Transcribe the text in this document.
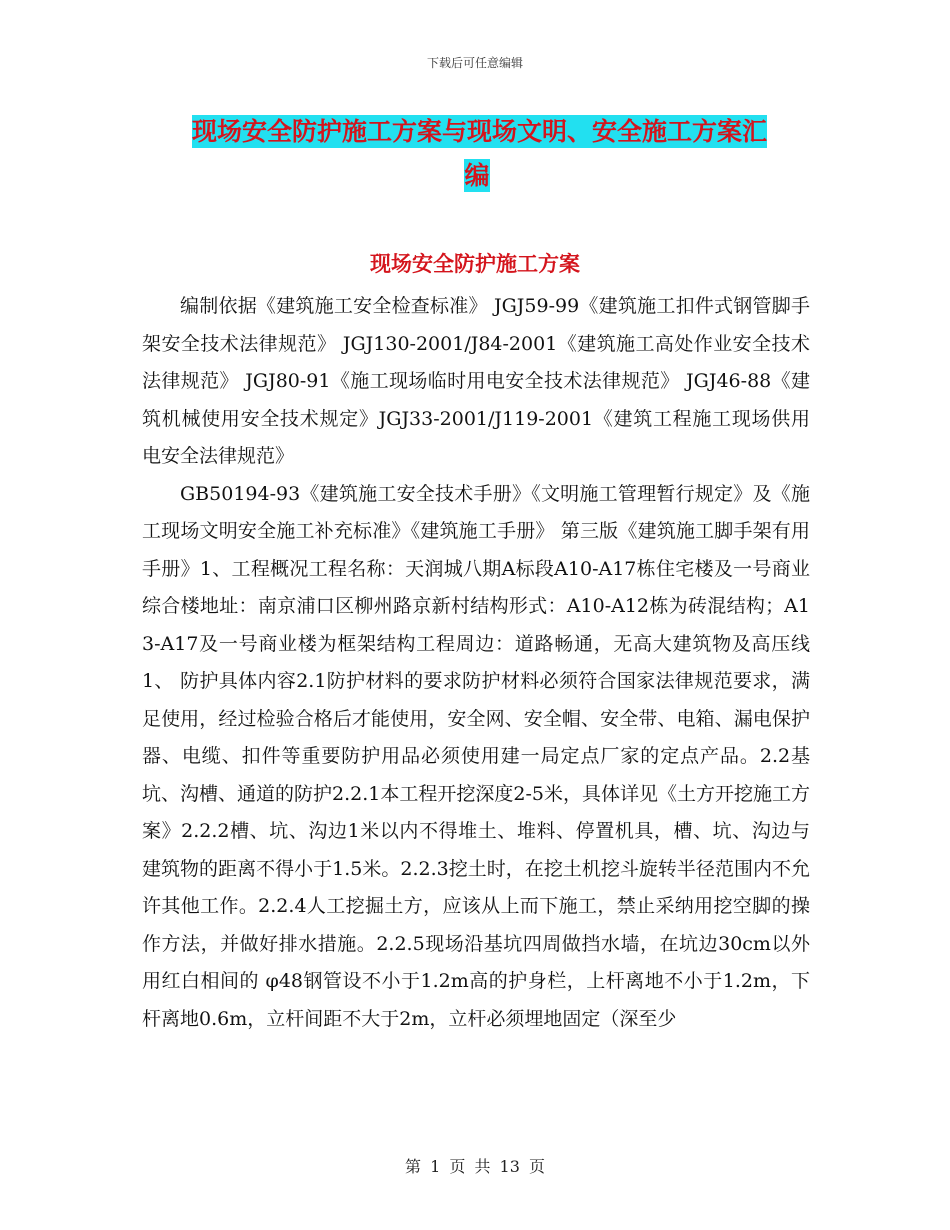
下载后可任意编辑
现场安全防护施工方案与现场文明、安全施工方案汇
编
现场安全防护施工方案

编制依据《建筑施工安全检查标准》 JGJ59-99《建筑施工扣件式钢管脚手架安全技术法律规范》 JGJ130-2001/J84-2001《建筑施工高处作业安全技术法律规范》 JGJ80-91《施工现场临时用电安全技术法律规范》 JGJ46-88《建筑机械使用安全技术规定》JGJ33-2001/J119-2001《建筑工程施工现场供用电安全法律规范》

GB50194-93《建筑施工安全技术手册》《文明施工管理暂行规定》及《施工现场文明安全施工补充标准》《建筑施工手册》 第三版《建筑施工脚手架有用手册》1、工程概况工程名称：天润城八期A标段A10-A17栋住宅楼及一号商业综合楼地址：南京浦口区柳州路京新村结构形式：A10-A12栋为砖混结构；A13-A17及一号商业楼为框架结构工程周边：道路畅通，无高大建筑物及高压线 1、 防护具体内容2.1防护材料的要求防护材料必须符合国家法律规范要求，满足使用，经过检验合格后才能使用，安全网、安全帽、安全带、电箱、漏电保护器、电缆、扣件等重要防护用品必须使用建一局定点厂家的定点产品。2.2基坑、沟槽、通道的防护2.2.1本工程开挖深度2-5米，具体详见《土方开挖施工方案》2.2.2槽、坑、沟边1米以内不得堆土、堆料、停置机具，槽、坑、沟边与建筑物的距离不得小于1.5米。2.2.3挖土时，在挖土机挖斗旋转半径范围内不允许其他工作。2.2.4人工挖掘土方，应该从上而下施工，禁止采纳用挖空脚的操作方法，并做好排水措施。2.2.5现场沿基坑四周做挡水墙，在坑边30cm以外用红白相间的 φ48钢管设不小于1.2m高的护身栏，上杆离地不小于1.2m，下杆离地0.6m，立杆间距不大于2m，立杆必须埋地固定（深至少

第 1 页 共 13 页
